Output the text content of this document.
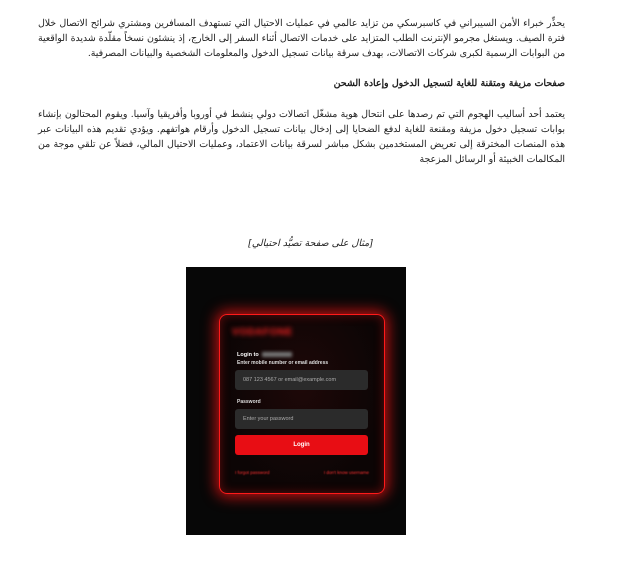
يحذِّر خبراء الأمن السيبراني في كاسبرسكي من تزايد عالمي في عمليات الاحتيال التي تستهدف المسافرين ومشتري شرائح الاتصال خلال فترة الصيف. ويستغل مجرمو الإنترنت الطلب المتزايد على خدمات الاتصال أثناء السفر إلى الخارج، إذ ينشئون نسخاً مقلّدة شديدة الواقعية من البوابات الرسمية لكبرى شركات الاتصالات، بهدف سرقة بيانات تسجيل الدخول والمعلومات الشخصية والبيانات المصرفية.

صفحات مزيفة ومتقنة للغاية لتسجيل الدخول وإعادة الشحن

يعتمد أحد أساليب الهجوم التي تم رصدها على انتحال هوية مشغّل اتصالات دولي ينشط في أوروبا وأفريقيا وآسيا. ويقوم المحتالون بإنشاء بوابات تسجيل دخول مزيفة ومقنعة للغاية لدفع الضحايا إلى إدخال بيانات تسجيل الدخول وأرقام هواتفهم. ويؤدي تقديم هذه البيانات عبر هذه المنصات المخترقة إلى تعريض المستخدمين بشكل مباشر لسرقة بيانات الاعتماد، وعمليات الاحتيال المالي، فضلاً عن تلقي موجة من المكالمات الخبيثة أو الرسائل المزعجة

[مثال على صفحة تصيُّد احتيالي]
VODAFONE
Login to
Enter mobile number or email address
087 123 4567 or email@example.com
Password
Enter your password
Login
I forgot password	I don't know username
